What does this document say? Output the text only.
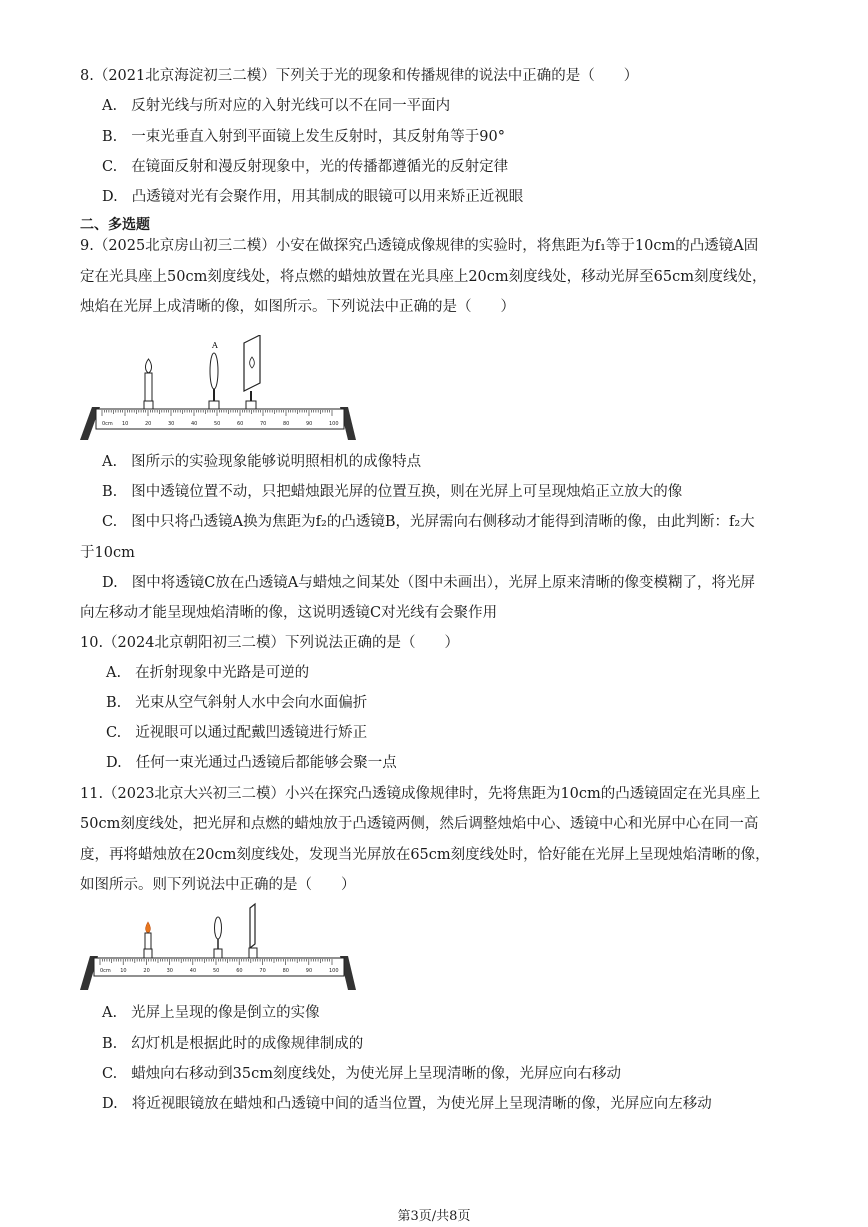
8.（2021北京海淀初三二模）下列关于光的现象和传播规律的说法中正确的是（　　）
A. 反射光线与所对应的入射光线可以不在同一平面内
B. 一束光垂直入射到平面镜上发生反射时，其反射角等于90°
C. 在镜面反射和漫反射现象中，光的传播都遵循光的反射定律
D. 凸透镜对光有会聚作用，用其制成的眼镜可以用来矫正近视眼
二、多选题
9.（2025北京房山初三二模）小安在做探究凸透镜成像规律的实验时，将焦距为f₁等于10cm的凸透镜A固
定在光具座上50cm刻度线处，将点燃的蜡烛放置在光具座上20cm刻度线处，移动光屏至65cm刻度线处，
烛焰在光屏上成清晰的像，如图所示。下列说法中正确的是（　　）
0cm 10	20	30	40	50	60	70	80	90	100
A
A. 图所示的实验现象能够说明照相机的成像特点
B. 图中透镜位置不动，只把蜡烛跟光屏的位置互换，则在光屏上可呈现烛焰正立放大的像
C. 图中只将凸透镜A换为焦距为f₂的凸透镜B，光屏需向右侧移动才能得到清晰的像，由此判断：f₂大
于10cm
D. 图中将透镜C放在凸透镜A与蜡烛之间某处（图中未画出），光屏上原来清晰的像变模糊了，将光屏
向左移动才能呈现烛焰清晰的像，这说明透镜C对光线有会聚作用
10.（2024北京朝阳初三二模）下列说法正确的是（　　）
A. 在折射现象中光路是可逆的
B. 光束从空气斜射人水中会向水面偏折
C. 近视眼可以通过配戴凹透镜进行矫正
D. 任何一束光通过凸透镜后都能够会聚一点
11.（2023北京大兴初三二模）小兴在探究凸透镜成像规律时，先将焦距为10cm的凸透镜固定在光具座上
50cm刻度线处，把光屏和点燃的蜡烛放于凸透镜两侧，然后调整烛焰中心、透镜中心和光屏中心在同一高
度，再将蜡烛放在20cm刻度线处，发现当光屏放在65cm刻度线处时，恰好能在光屏上呈现烛焰清晰的像，
如图所示。则下列说法中正确的是（　　）
0cm 10	20	30	40	50	60	70	80	90	100
A. 光屏上呈现的像是倒立的实像
B. 幻灯机是根据此时的成像规律制成的
C. 蜡烛向右移动到35cm刻度线处，为使光屏上呈现清晰的像，光屏应向右移动
D. 将近视眼镜放在蜡烛和凸透镜中间的适当位置，为使光屏上呈现清晰的像，光屏应向左移动
第3页/共8页
